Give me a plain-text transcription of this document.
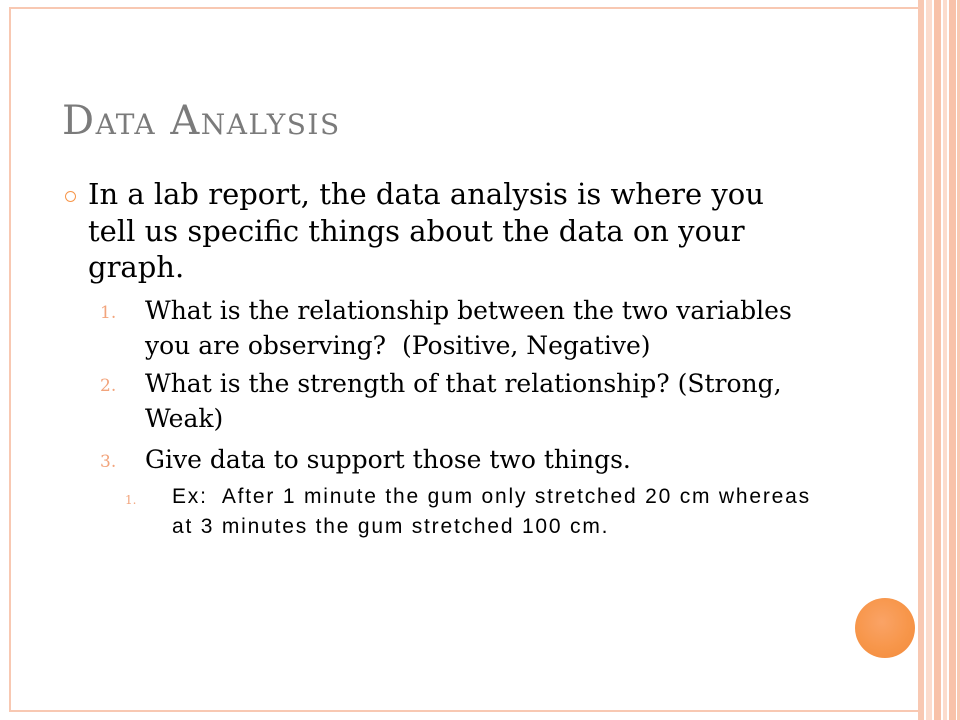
Data Analysis
In a lab report, the data analysis is where you
tell us specific things about the data on your
graph.
1. What is the relationship between the two variables
you are observing?  (Positive, Negative)
2. What is the strength of that relationship? (Strong,
Weak)
3. Give data to support those two things.
1. Ex:  After 1 minute the gum only stretched 20 cm whereas
at 3 minutes the gum stretched 100 cm.
